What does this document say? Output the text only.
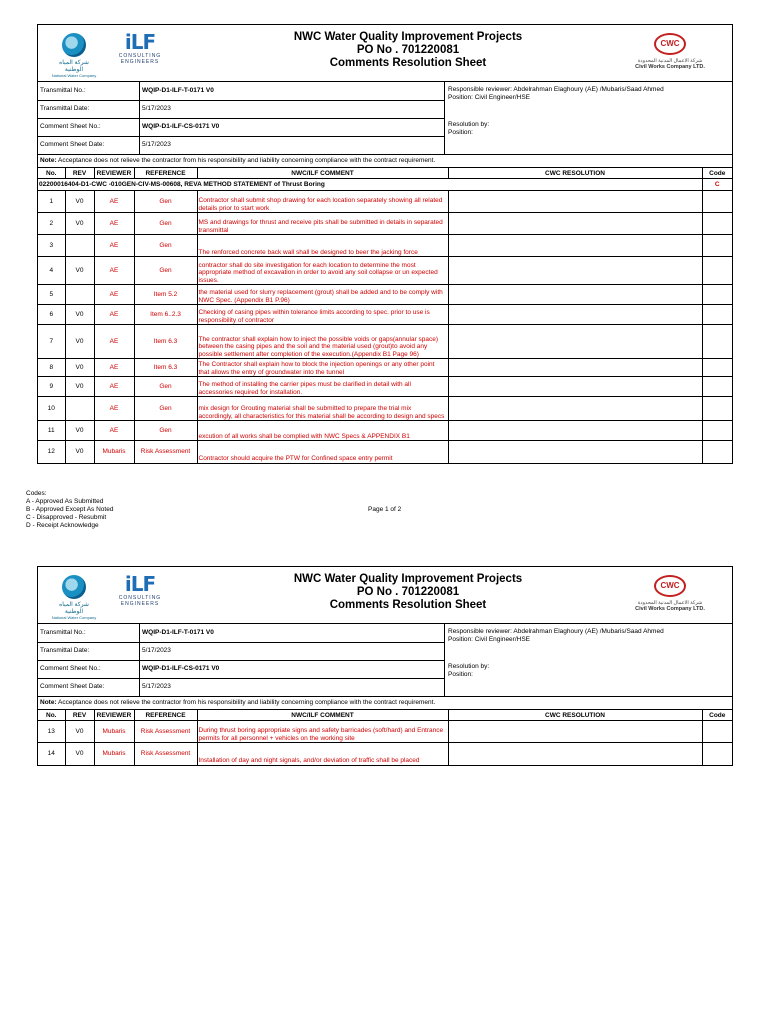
شركة المياه الوطنية
National Water Company
iLF
CONSULTING
ENGINEERS
NWC Water Quality Improvement Projects
PO No . 701220081
Comments Resolution Sheet
CWC
شركة الاعمال المدنية المحدودة
Civil Works Company LTD.
Transmittal No.:	WQIP-D1-ILF-T-0171 V0
Transmittal Date:	5/17/2023
Comment Sheet No.:	WQIP-D1-ILF-CS-0171 V0
Comment Sheet Date:	5/17/2023
Responsible reviewer: Abdelrahman Elaghoury (AE) /Mubaris/Saad Ahmed
Position: Civil Engineer/HSE
Resolution by:
Position:
Note: Acceptance does not relieve the contractor from his responsibility and liability concerning compliance with the contract requirement.
No.	REV	REVIEWER	REFERENCE	NWC/ILF COMMENT	CWC RESOLUTION	Code
02200016404-D1-CWC -010GEN-CIV-MS-00608, REVA METHOD STATEMENT of Thrust Boring						C
1	V0	AE	Gen	Contractor shall submit shop drawing for each location separately showing all related details prior to start work		
2	V0	AE	Gen	MS and drawings for thrust and receive pits shall be submitted in details in separated transmittal		
3		AE	Gen	The renforced concrete back wall shall be designed to beer the jacking force		
4	V0	AE	Gen	contractor shall do site investigation for each location to determine the most appropriate method of excavation in order to avoid any soil collapse or un expected issues.		
5		AE	Item 5.2	the material used for slurry replacement (grout) shall be added and to be comply with NWC Spec. (Appendix B1 P.96)		
6	V0	AE	Item 6..2.3	Checking of casing pipes within tolerance limits according to spec. prior to use is responsibility of contractor		
7	V0	AE	Item 6.3	The contractor shall explain how to inject the possible voids or gaps(annular space) between the casing pipes and the soil and the material used (grout)to avoid any possible settlement after completion of the execution.(Appendix B1 Page 96)		
8	V0	AE	Item 6.3	The Contractor shall explain how to block the injection openings or any other point that allows the entry of groundwater into the tunnel		
9	V0	AE	Gen	The method of installing the carrier pipes must be clarified in detail with all accessories required for installation.		
10		AE	Gen	mix design for Grouting material shall be submitted to prepare the trial mix accordingly, all characteristics for this material shall be according to design and specs		
11	V0	AE	Gen	excution of all works shall be complied with NWC Specs & APPENDIX B1		
12	V0	Mubaris	Risk Assessment	Contractor should acquire the PTW for Confined space entry permit		
Codes:
A - Approved As Submitted
B - Approved Except As Noted
C - Disapproved - Resubmit
D - Receipt Acknowledge
Page 1 of 2
شركة المياه الوطنية
National Water Company
iLF
CONSULTING
ENGINEERS
NWC Water Quality Improvement Projects
PO No . 701220081
Comments Resolution Sheet
CWC
شركة الاعمال المدنية المحدودة
Civil Works Company LTD.
Transmittal No.:	WQIP-D1-ILF-T-0171 V0
Transmittal Date:	5/17/2023
Comment Sheet No.:	WQIP-D1-ILF-CS-0171 V0
Comment Sheet Date:	5/17/2023
Responsible reviewer: Abdelrahman Elaghoury (AE) /Mubaris/Saad Ahmed
Position: Civil Engineer/HSE
Resolution by:
Position:
Note: Acceptance does not relieve the contractor from his responsibility and liability concerning compliance with the contract requirement.
No.	REV	REVIEWER	REFERENCE	NWC/ILF COMMENT	CWC RESOLUTION	Code
13	V0	Mubaris	Risk Assessment	During thrust boring appropriate signs and safety barricades (soft/hard) and Entrance permits for all personnel + vehicles on the working site		
14	V0	Mubaris	Risk Assessment	Installation of day and night signals, and/or deviation of traffic shall be placed		
